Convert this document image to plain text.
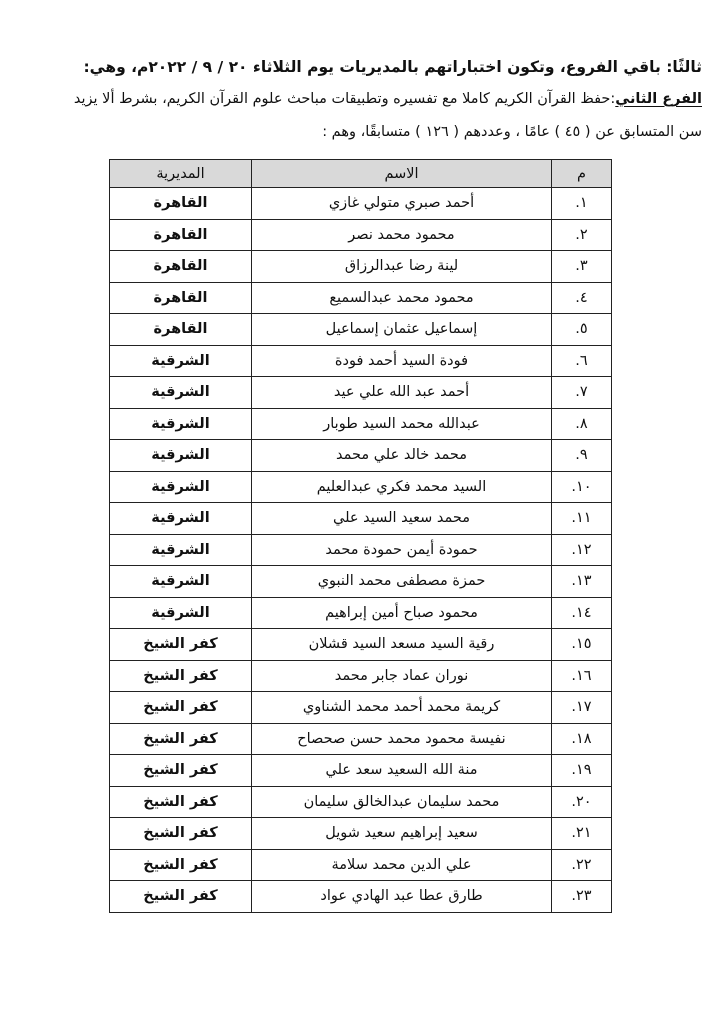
ثالثًا: باقي الفروع، وتكون اختباراتهم بالمديريات يوم الثلاثاء ٢٠ / ٩ / ٢٠٢٢م، وهي:
الفرع الثاني:حفظ القرآن الكريم كاملا مع تفسيره وتطبيقات مباحث علوم القرآن الكريم، بشرط ألا يزيد
سن المتسابق عن ( ٤٥ ) عامًا ، وعددهم ( ١٢٦ ) متسابقًا، وهم :
م	الاسم	المديرية
١.	أحمد صبري متولي غازي	القاهرة
٢.	محمود محمد نصر	القاهرة
٣.	لينة رضا عبدالرزاق	القاهرة
٤.	محمود محمد عبدالسميع	القاهرة
٥.	إسماعيل عثمان إسماعيل	القاهرة
٦.	فودة السيد أحمد فودة	الشرقية
٧.	أحمد عبد الله علي عيد	الشرقية
٨.	عبدالله محمد السيد طوبار	الشرقية
٩.	محمد خالد علي محمد	الشرقية
١٠.	السيد محمد فكري عبدالعليم	الشرقية
١١.	محمد سعيد السيد علي	الشرقية
١٢.	حمودة أيمن حمودة محمد	الشرقية
١٣.	حمزة مصطفى محمد النبوي	الشرقية
١٤.	محمود صباح أمين إبراهيم	الشرقية
١٥.	رقية السيد مسعد السيد قشلان	كفر الشيخ
١٦.	نوران عماد جابر محمد	كفر الشيخ
١٧.	كريمة محمد أحمد محمد الشناوي	كفر الشيخ
١٨.	نفيسة محمود محمد حسن صحصاح	كفر الشيخ
١٩.	منة الله السعيد سعد علي	كفر الشيخ
٢٠.	محمد سليمان عبدالخالق سليمان	كفر الشيخ
٢١.	سعيد إبراهيم سعيد شويل	كفر الشيخ
٢٢.	علي الدين محمد سلامة	كفر الشيخ
٢٣.	طارق عطا عبد الهادي عواد	كفر الشيخ
